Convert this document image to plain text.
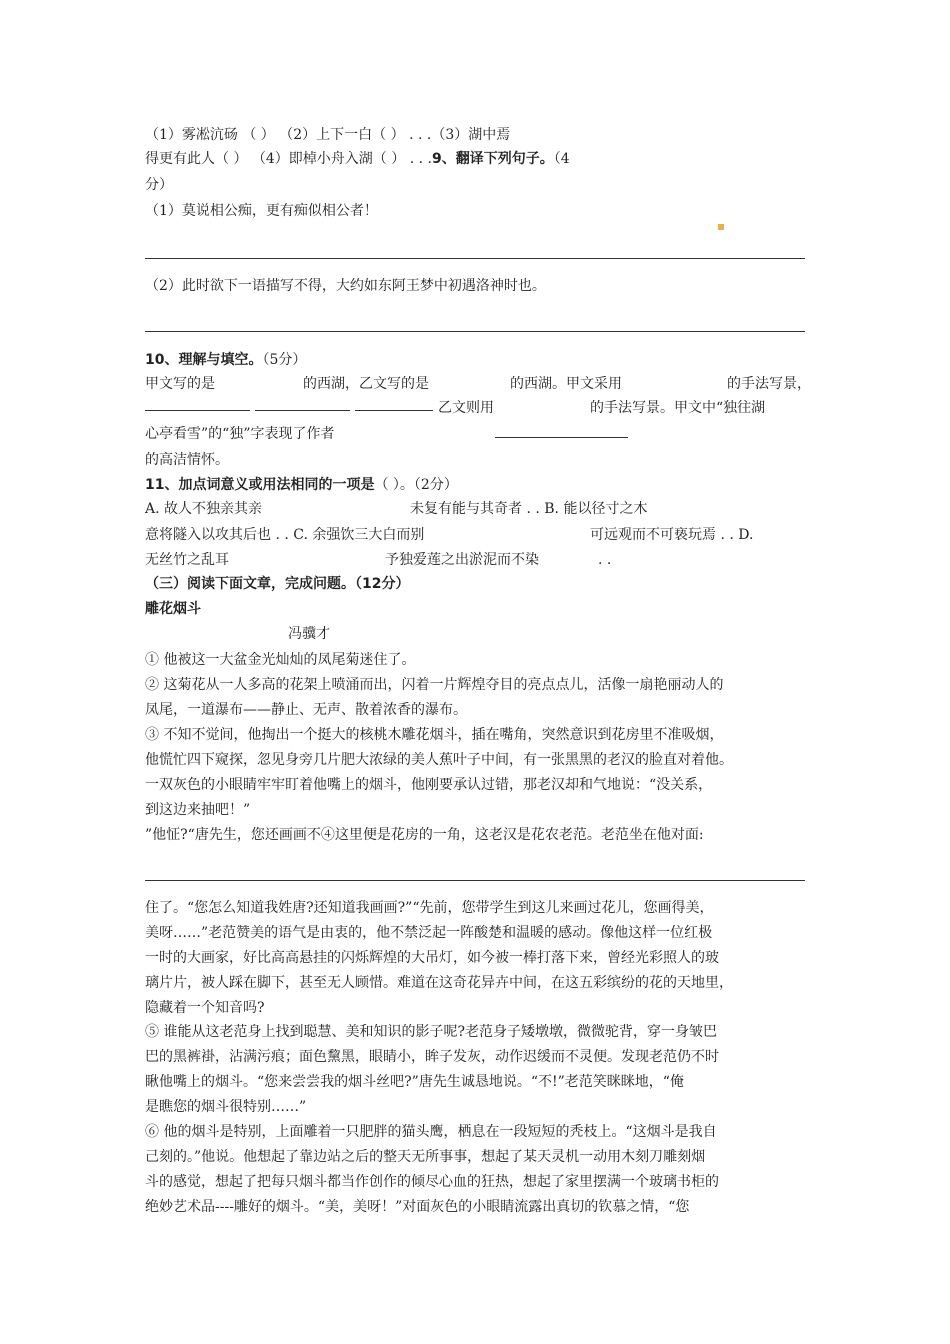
（1）雾凇沆砀 （ ） （2）上下一白（ ） . . .（3）湖中焉
得更有此人（ ） （4）即棹小舟入湖（ ） . . .9、翻译下列句子。（4
分）
（1）莫说相公痴，更有痴似相公者！
（2）此时欲下一语描写不得，大约如东阿王梦中初遇洛神时也。
10、理解与填空。（5分）
甲文写的是	的西湖，乙文写的是	的西湖。甲文采用	的手法写景，
乙文则用	的手法写景。甲文中“独往湖
心亭看雪”的“独”字表现了作者
的高洁情怀。
11、加点词意义或用法相同的一项是（ ）。（2分）
A. 故人不独亲其亲	未复有能与其奇者 . . B. 能以径寸之木
意将隧入以攻其后也 . . C. 余强饮三大白而别	可远观而不可亵玩焉 . . D.
无丝竹之乱耳	予独爱莲之出淤泥而不染	. .
（三）阅读下面文章，完成问题。（12分）
雕花烟斗
冯骥才
① 他被这一大盆金光灿灿的凤尾菊迷住了。
② 这菊花从一人多高的花架上喷涌而出，闪着一片辉煌夺目的亮点点儿，活像一扇艳丽动人的
凤尾，一道瀑布——静止、无声、散着浓香的瀑布。
③ 不知不觉间，他掏出一个挺大的核桃木雕花烟斗，插在嘴角，突然意识到花房里不准吸烟，
他慌忙四下窥探，忽见身旁几片肥大浓绿的美人蕉叶子中间，有一张黑黑的老汉的脸直对着他。
一双灰色的小眼睛牢牢盯着他嘴上的烟斗，他刚要承认过错，那老汉却和气地说：“没关系，
到这边来抽吧！”
”他怔?“唐先生，您还画画不④这里便是花房的一角，这老汉是花农老范。老范坐在他对面:
住了。“您怎么知道我姓唐?还知道我画画?”“先前，您带学生到这儿来画过花儿，您画得美，
美呀……”老范赞美的语气是由衷的，他不禁泛起一阵酸楚和温暖的感动。像他这样一位红极
一时的大画家，好比高高悬挂的闪烁辉煌的大吊灯，如今被一棒打落下来，曾经光彩照人的玻
璃片片，被人踩在脚下，甚至无人顾惜。难道在这奇花异卉中间，在这五彩缤纷的花的天地里，
隐藏着一个知音吗?
⑤ 谁能从这老范身上找到聪慧、美和知识的影子呢?老范身子矮墩墩，微微驼背，穿一身皱巴
巴的黑裤褂，沾满污痕；面色黧黑，眼睛小，眸子发灰，动作迟缓而不灵便。发现老范仍不时
瞅他嘴上的烟斗。“您来尝尝我的烟斗丝吧?”唐先生诚恳地说。“不!”老范笑眯眯地，“俺
是瞧您的烟斗很特别……”
⑥ 他的烟斗是特别，上面雕着一只肥胖的猫头鹰，栖息在一段短短的秃枝上。“这烟斗是我自
己刻的。”他说。他想起了靠边站之后的整天无所事事，想起了某天灵机一动用木刻刀雕刻烟
斗的感觉，想起了把每只烟斗都当作创作的倾尽心血的狂热，想起了家里摆满一个玻璃书柜的
绝妙艺术品----雕好的烟斗。“美，美呀！”对面灰色的小眼睛流露出真切的钦慕之情，“您
